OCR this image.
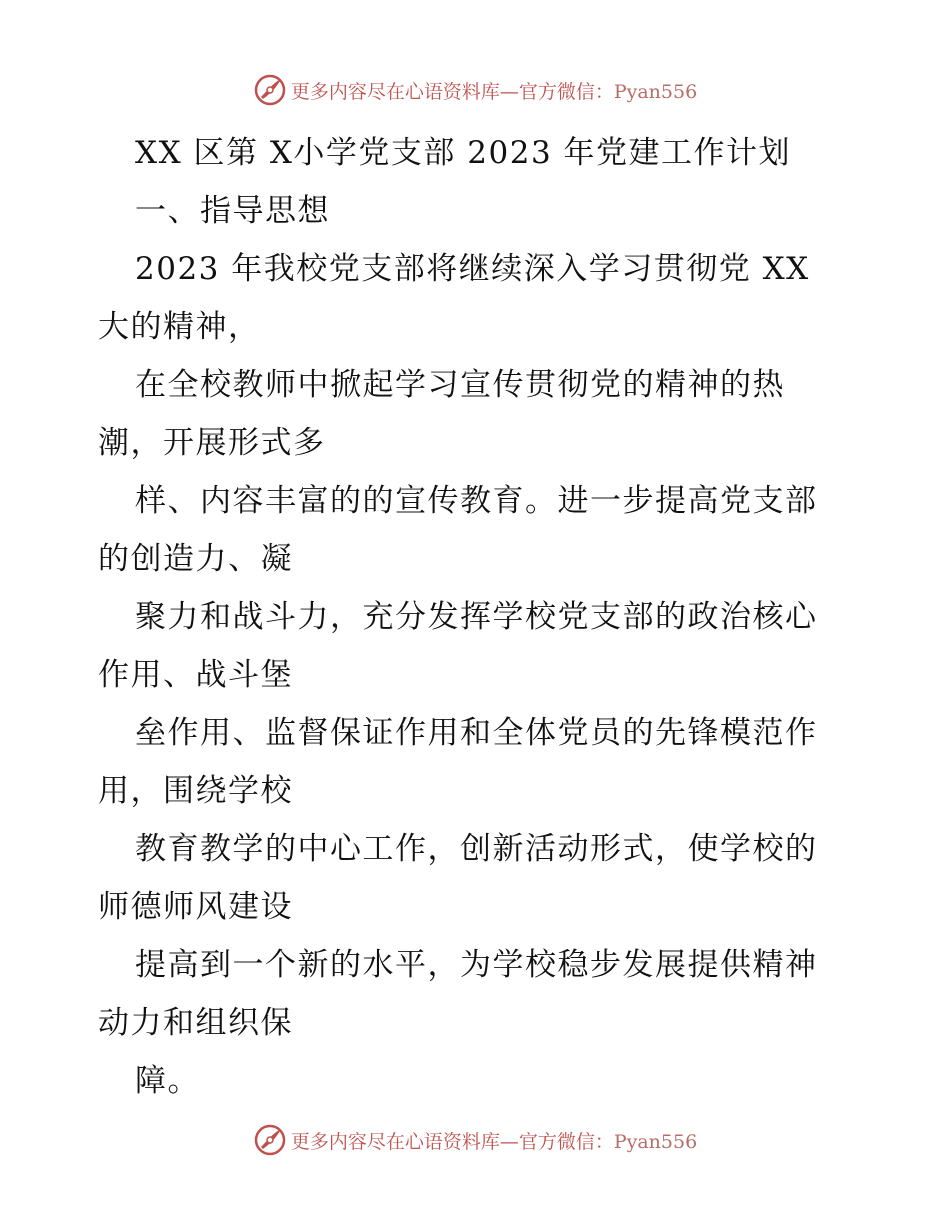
更多内容尽在心语资料库—官方微信：Pyan556
XX 区第 X小学党支部 2023 年党建工作计划
一、指导思想
2023 年我校党支部将继续深入学习贯彻党 XX
大的精神，
在全校教师中掀起学习宣传贯彻党的精神的热
潮，开展形式多
样、内容丰富的的宣传教育。进一步提高党支部
的创造力、凝
聚力和战斗力，充分发挥学校党支部的政治核心
作用、战斗堡
垒作用、监督保证作用和全体党员的先锋模范作
用，围绕学校
教育教学的中心工作，创新活动形式，使学校的
师德师风建设
提高到一个新的水平，为学校稳步发展提供精神
动力和组织保
障。
更多内容尽在心语资料库—官方微信：Pyan556
